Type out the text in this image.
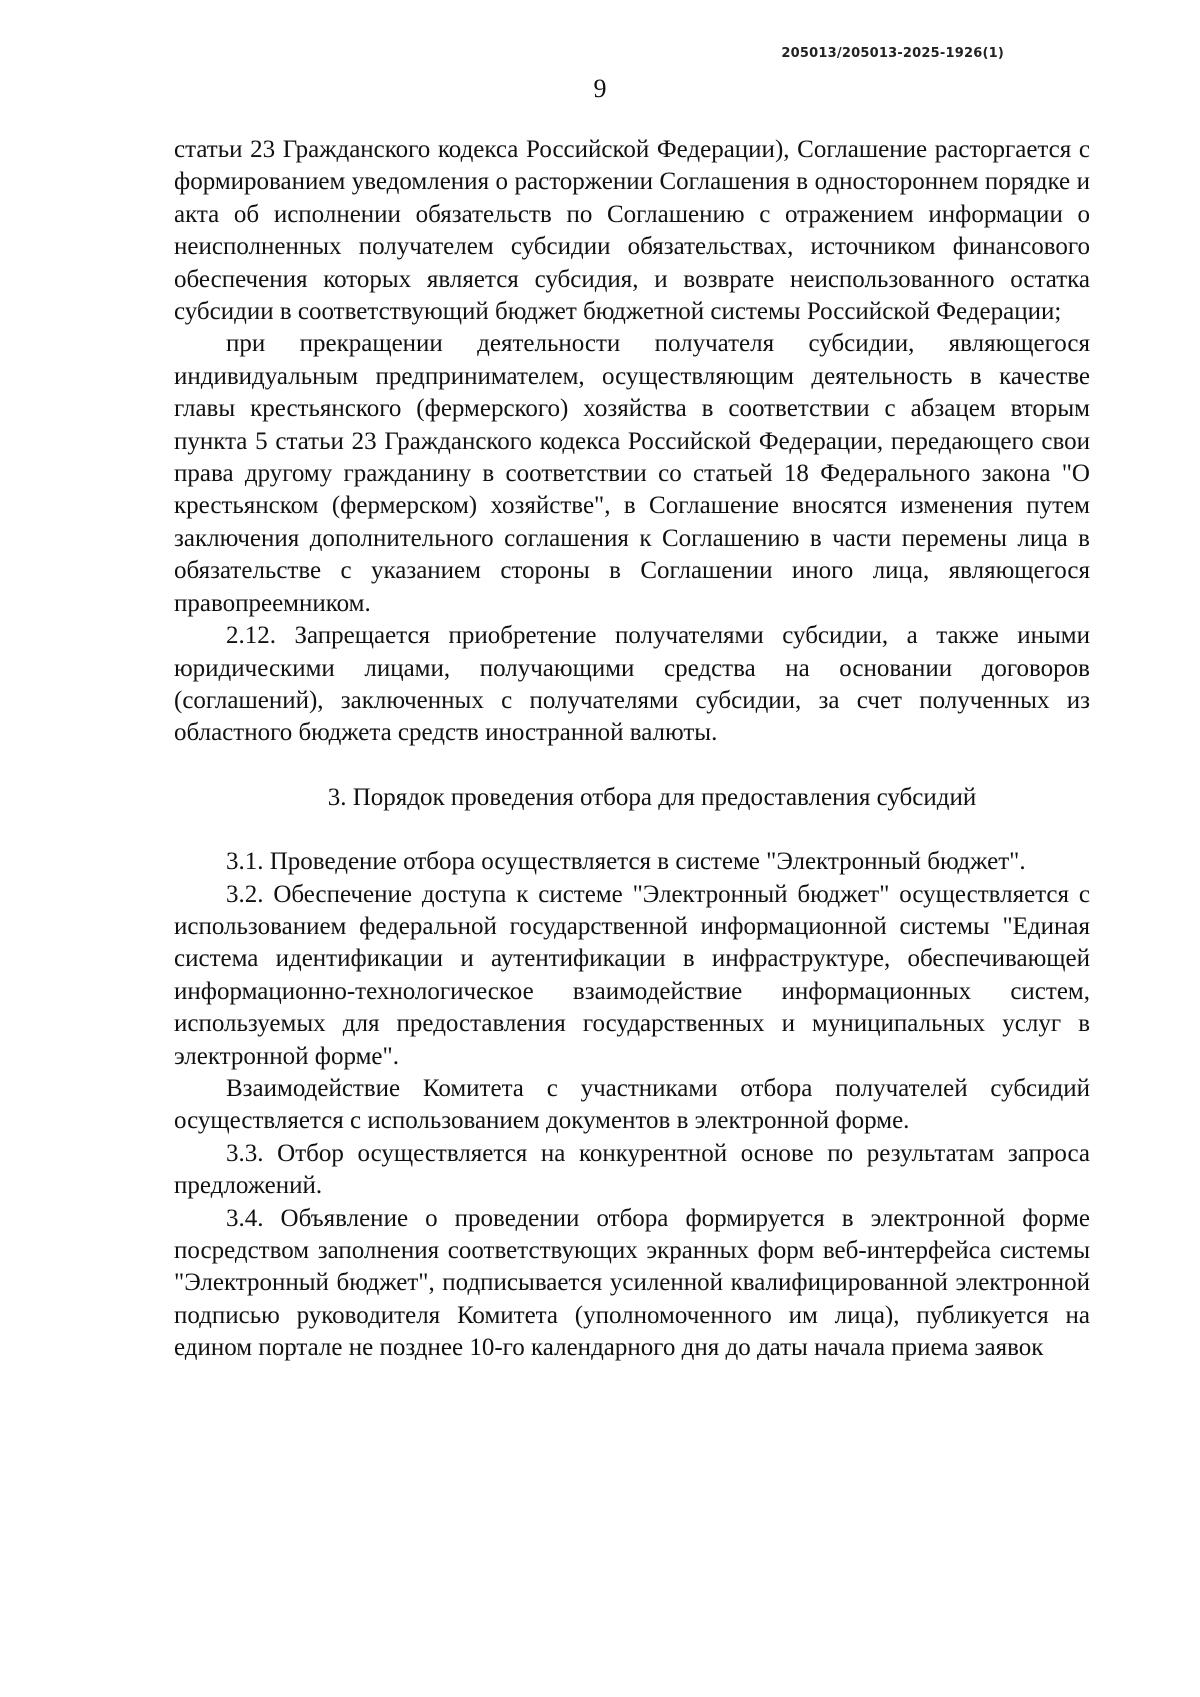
205013/205013-2025-1926(1)
9

статьи 23 Гражданского кодекса Российской Федерации), Соглашение расторгается с формированием уведомления о расторжении Соглашения в одностороннем порядке и акта об исполнении обязательств по Соглашению с отражением информации о неисполненных получателем субсидии обязательствах, источником финансового обеспечения которых является субсидия, и возврате неиспользованного остатка субсидии в соответствующий бюджет бюджетной системы Российской Федерации;

при прекращении деятельности получателя субсидии, являющегося индивидуальным предпринимателем, осуществляющим деятельность в качестве главы крестьянского (фермерского) хозяйства в соответствии с абзацем вторым пункта 5 статьи 23 Гражданского кодекса Российской Федерации, передающего свои права другому гражданину в соответствии со статьей 18 Федерального закона "О крестьянском (фермерском) хозяйстве", в Соглашение вносятся изменения путем заключения дополнительного соглашения к Соглашению в части перемены лица в обязательстве с указанием стороны в Соглашении иного лица, являющегося правопреемником.

2.12. Запрещается приобретение получателями субсидии, а также иными юридическими лицами, получающими средства на основании договоров (соглашений), заключенных с получателями субсидии, за счет полученных из областного бюджета средств иностранной валюты.

3. Порядок проведения отбора для предоставления субсидий

3.1. Проведение отбора осуществляется в системе "Электронный бюджет".

3.2. Обеспечение доступа к системе "Электронный бюджет" осуществляется с использованием федеральной государственной информационной системы "Единая система идентификации и аутентификации в инфраструктуре, обеспечивающей информационно-технологическое взаимодействие информационных систем, используемых для предоставления государственных и муниципальных услуг в электронной форме".

Взаимодействие Комитета с участниками отбора получателей субсидий осуществляется с использованием документов в электронной форме.

3.3. Отбор осуществляется на конкурентной основе по результатам запроса предложений.

3.4. Объявление о проведении отбора формируется в электронной форме посредством заполнения соответствующих экранных форм веб-интерфейса системы "Электронный бюджет", подписывается усиленной квалифицированной электронной подписью руководителя Комитета (уполномоченного им лица), публикуется на едином портале не позднее 10-го календарного дня до даты начала приема заявок
